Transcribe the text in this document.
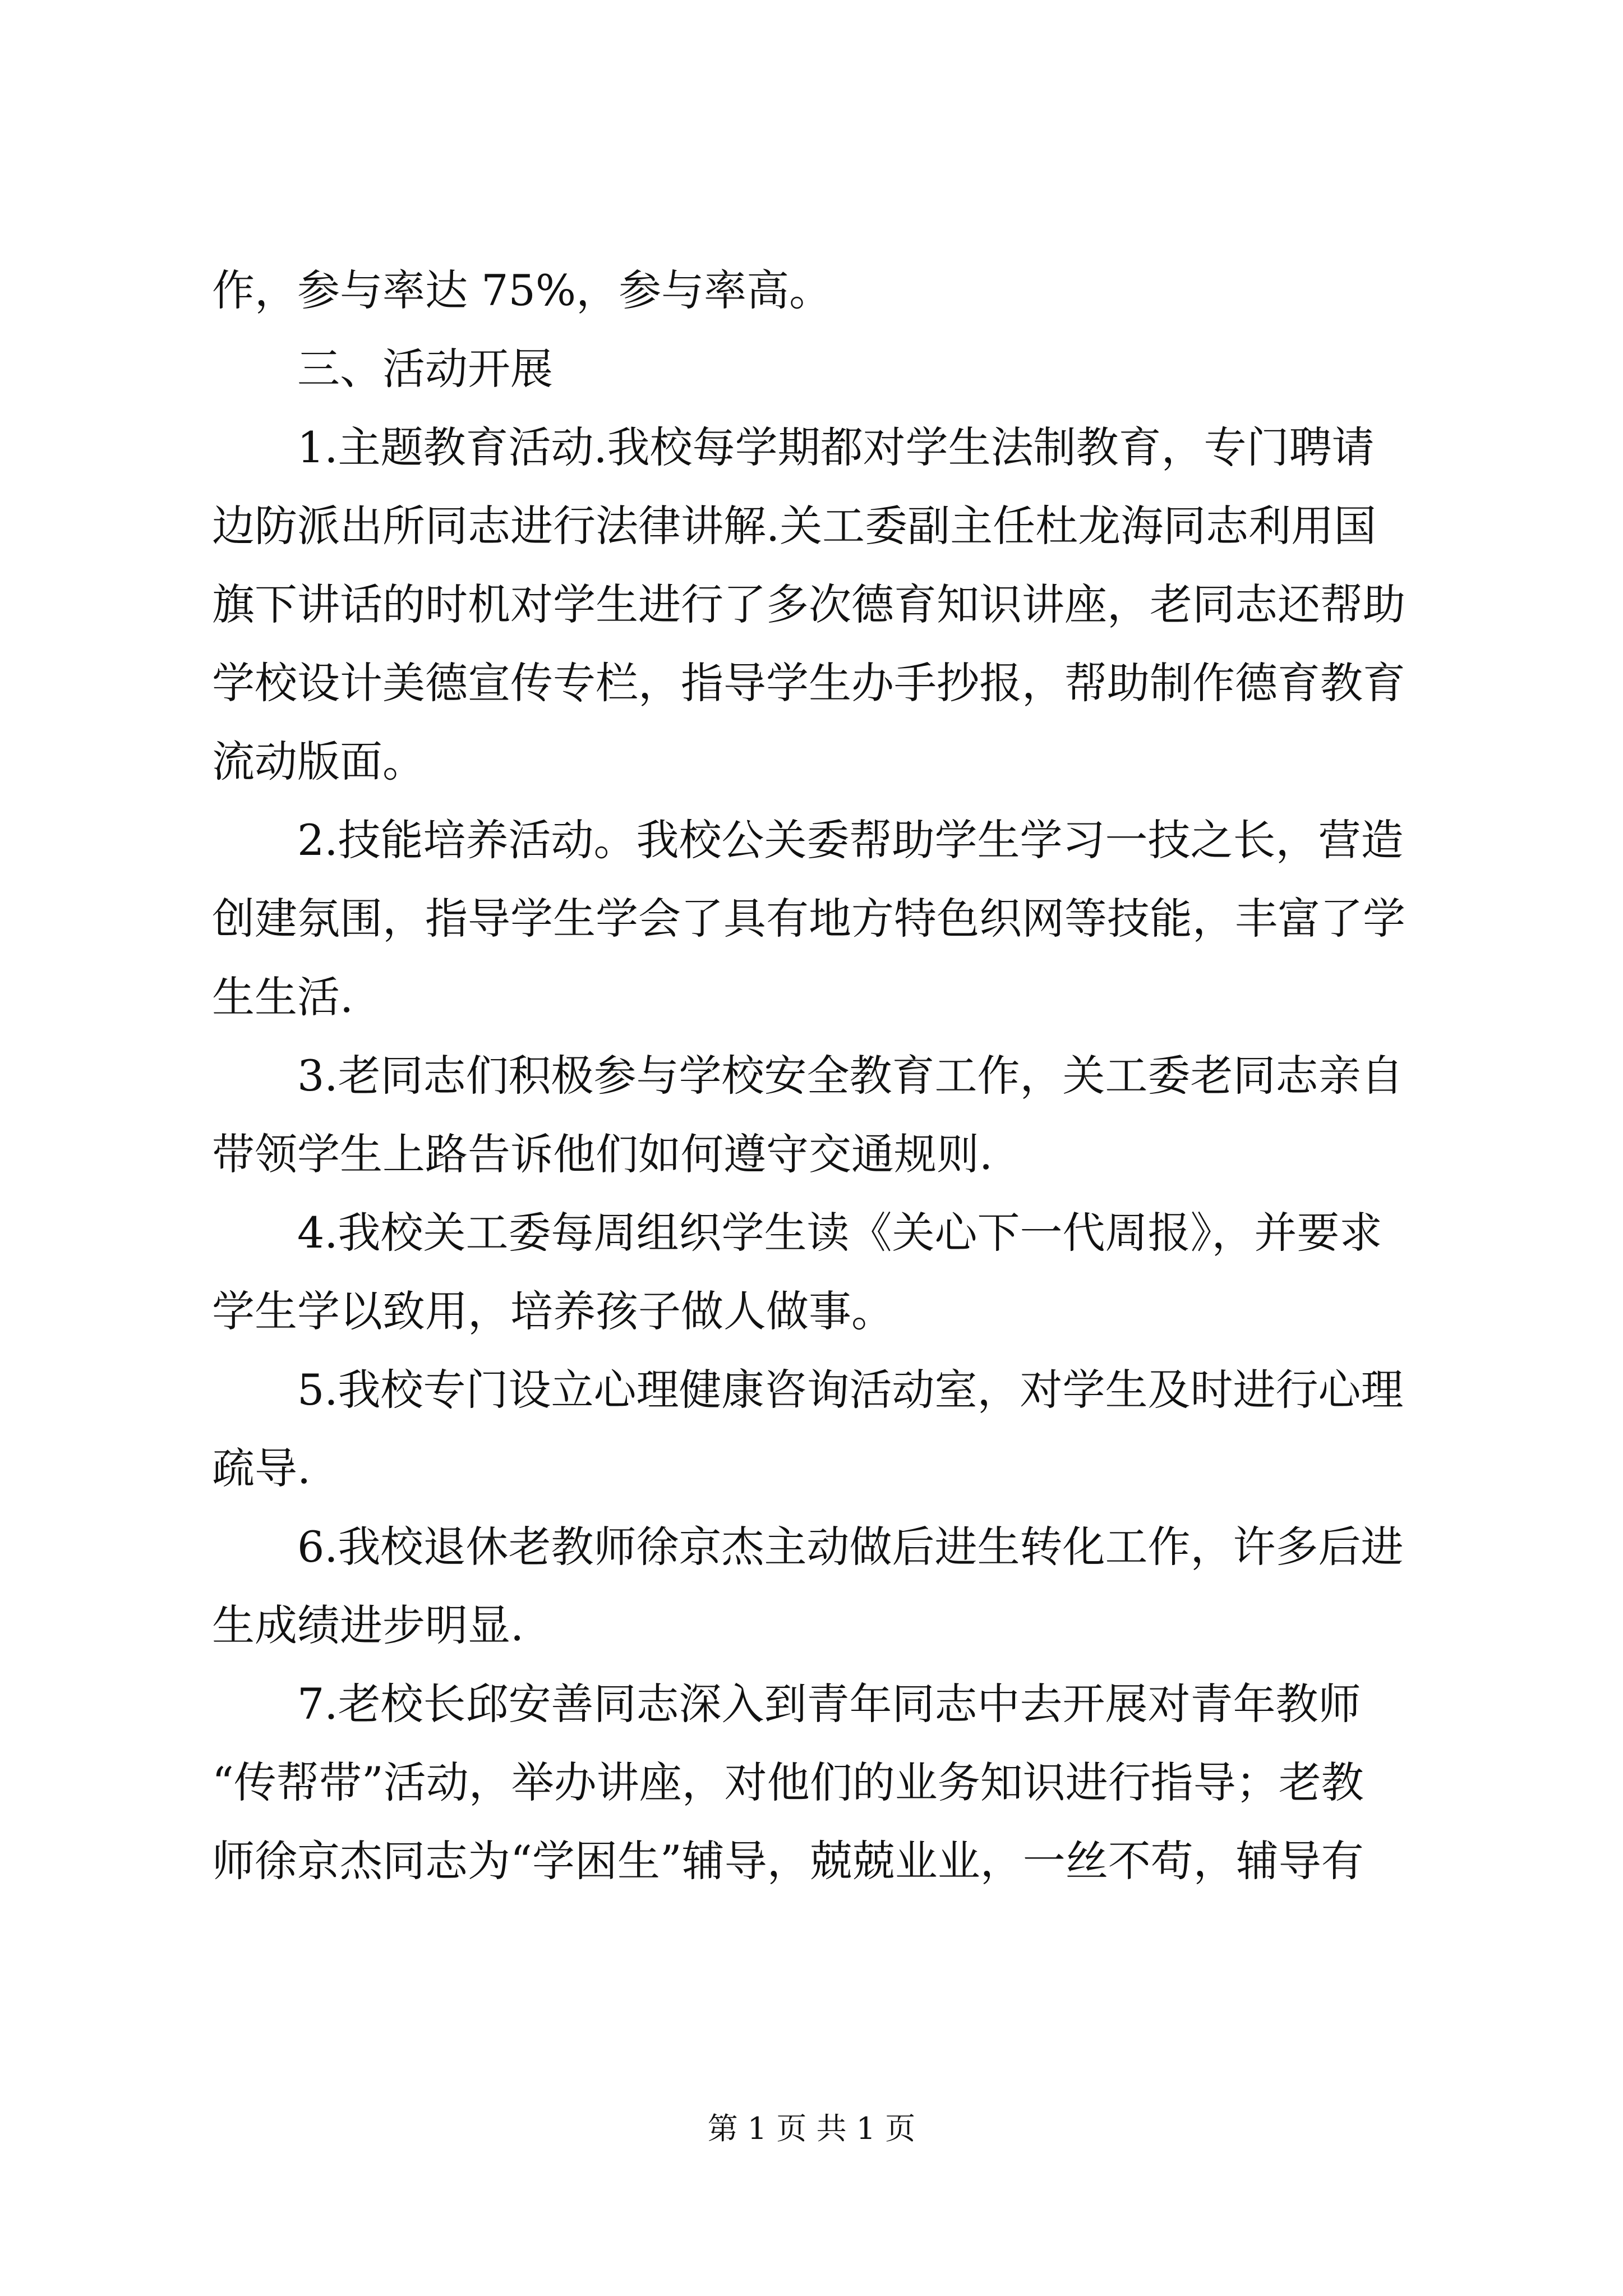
作，参与率达 75%，参与率高。
三、活动开展
1.主题教育活动.我校每学期都对学生法制教育，专门聘请
边防派出所同志进行法律讲解.关工委副主任杜龙海同志利用国
旗下讲话的时机对学生进行了多次德育知识讲座，老同志还帮助
学校设计美德宣传专栏，指导学生办手抄报，帮助制作德育教育
流动版面。
2.技能培养活动。我校公关委帮助学生学习一技之长，营造
创建氛围，指导学生学会了具有地方特色织网等技能，丰富了学
生生活.
3.老同志们积极参与学校安全教育工作，关工委老同志亲自
带领学生上路告诉他们如何遵守交通规则.
4.我校关工委每周组织学生读《关心下一代周报》，并要求
学生学以致用，培养孩子做人做事。
5.我校专门设立心理健康咨询活动室，对学生及时进行心理
疏导.
6.我校退休老教师徐京杰主动做后进生转化工作，许多后进
生成绩进步明显.
7.老校长邱安善同志深入到青年同志中去开展对青年教师
“传帮带”活动，举办讲座，对他们的业务知识进行指导；老教
师徐京杰同志为“学困生”辅导，兢兢业业，一丝不苟，辅导有
第 1 页 共 1 页
